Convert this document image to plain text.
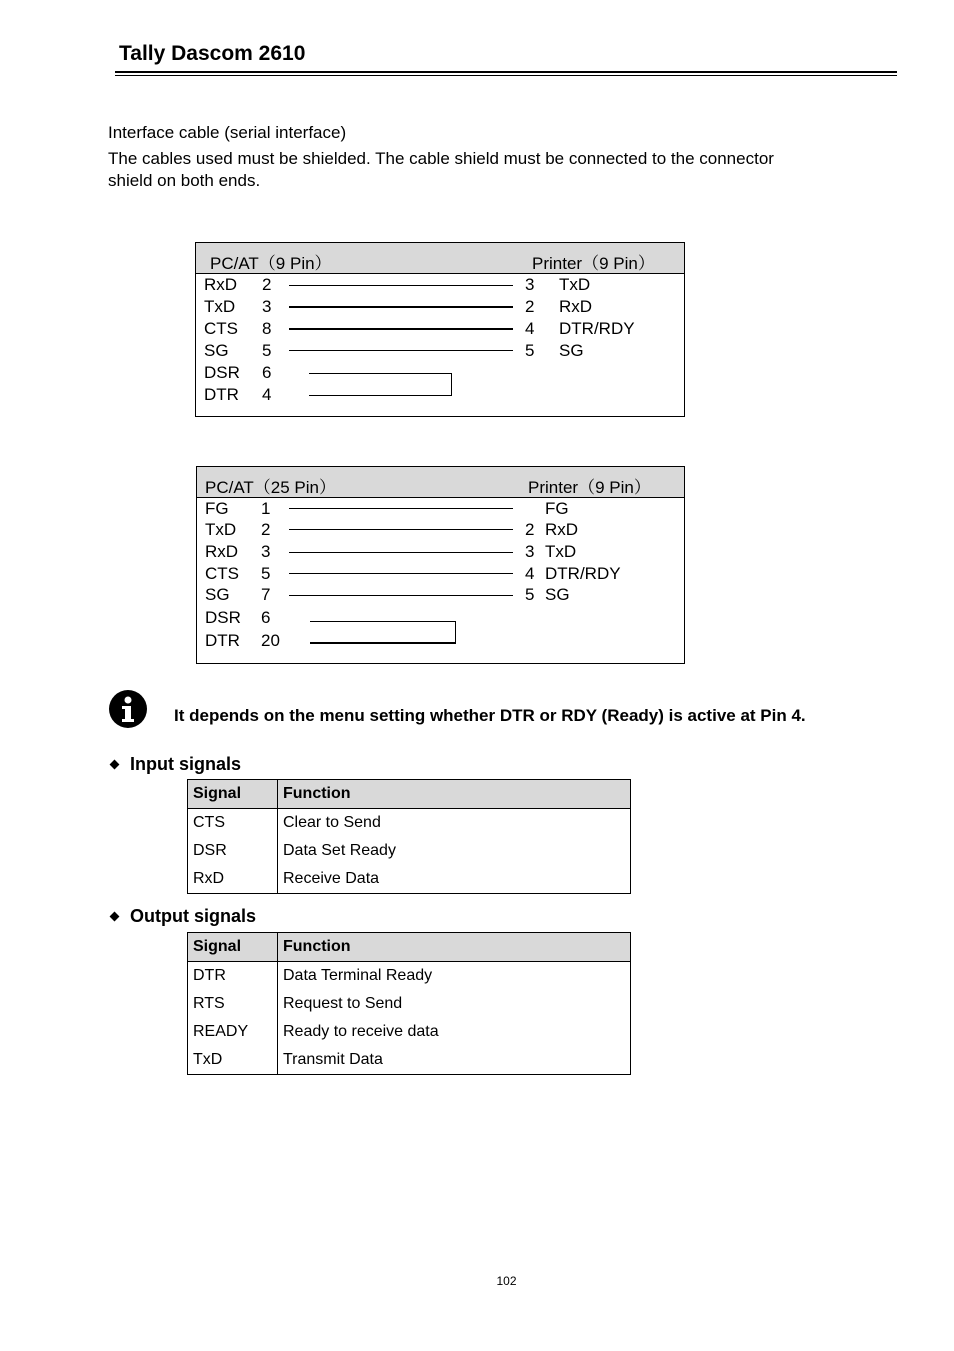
Tally Dascom 2610
Interface cable (serial interface)
The cables used must be shielded. The cable shield must be connected to the connector
shield on both ends.
PC/AT（9 Pin）	Printer（9 Pin）
RxD 2	3 TxD
TxD 3	2 RxD
CTS 8	4 DTR/RDY
SG 5	5 SG
DSR 6
DTR 4
PC/AT（25 Pin）	Printer（9 Pin）
FG 1	FG
TxD 2	2 RxD
RxD 3	3 TxD
CTS 5	4 DTR/RDY
SG 7	5 SG
DSR 6
DTR 20
It depends on the menu setting whether DTR or RDY (Ready) is active at Pin 4.
Input signals
Signal	Function
CTS	Clear to Send
DSR	Data Set Ready
RxD	Receive Data
Output signals
Signal	Function
DTR	Data Terminal Ready
RTS	Request to Send
READY	Ready to receive data
TxD	Transmit Data
102
